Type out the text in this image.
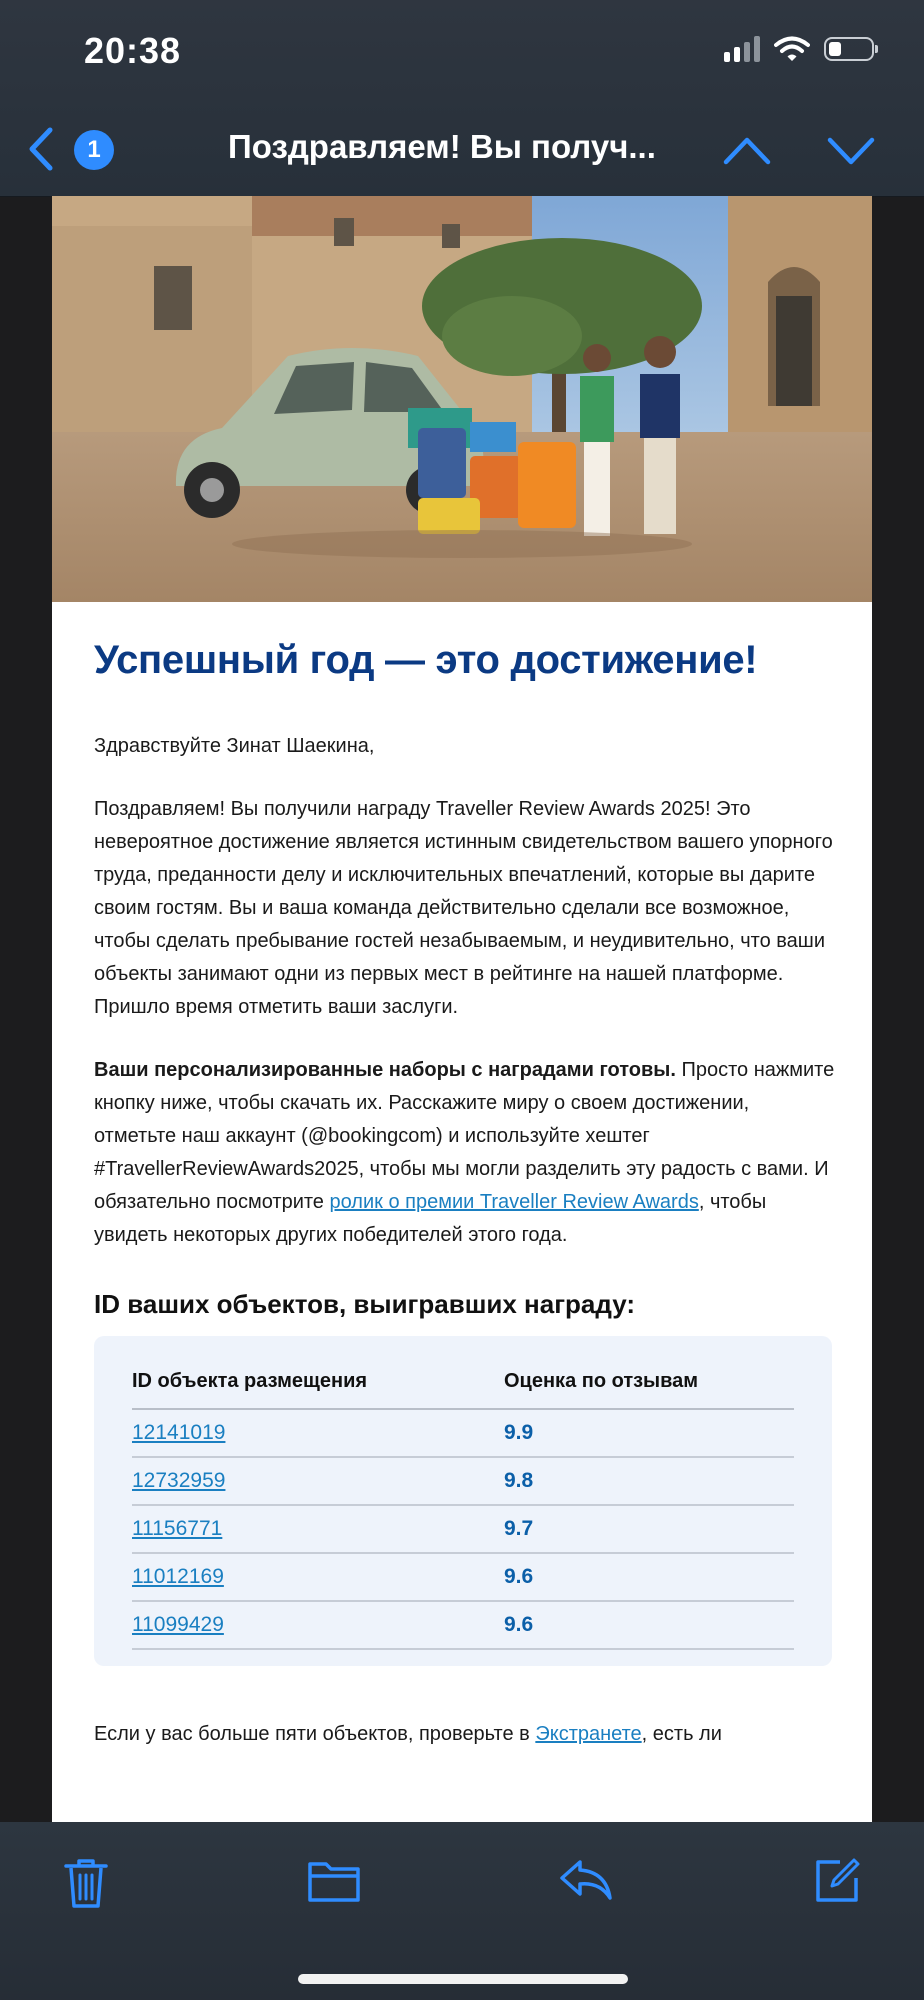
20:38
1	Поздравляем! Вы получ...
Успешный год — это достижение!

Здравствуйте Зинат Шаекина,

Поздравляем! Вы получили награду Traveller Review Awards 2025! Это невероятное достижение является истинным свидетельством вашего упорного труда, преданности делу и исключительных впечатлений, которые вы дарите своим гостям. Вы и ваша команда действительно сделали все возможное, чтобы сделать пребывание гостей незабываемым, и неудивительно, что ваши объекты занимают одни из первых мест в рейтинге на нашей платформе. Пришло время отметить ваши заслуги.

Ваши персонализированные наборы с наградами готовы. Просто нажмите кнопку ниже, чтобы скачать их. Расскажите миру о своем достижении, отметьте наш аккаунт (@bookingcom) и используйте хештег #TravellerReviewAwards2025, чтобы мы могли разделить эту радость с вами. И обязательно посмотрите ролик о премии Traveller Review Awards, чтобы увидеть некоторых других победителей этого года.

ID ваших объектов, выигравших награду:
ID объекта размещения	Оценка по отзывам
12141019	9.9
12732959	9.8
11156771	9.7
11012169	9.6
11099429	9.6

Если у вас больше пяти объектов, проверьте в Экстранете, есть ли
